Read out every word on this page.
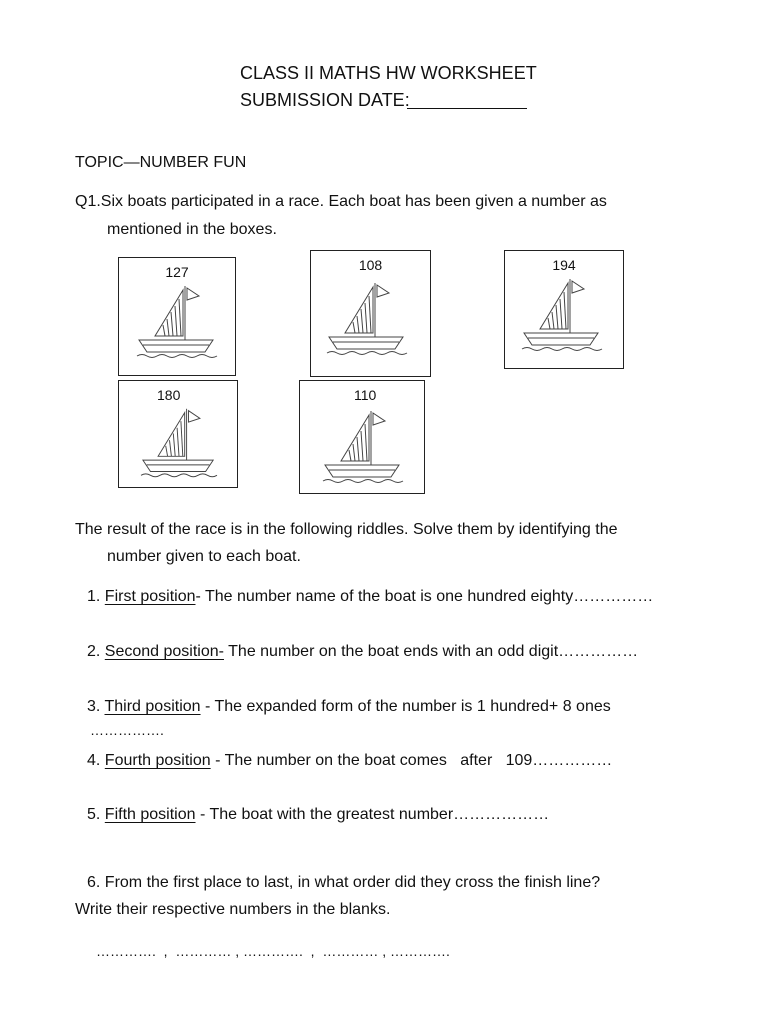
CLASS II MATHS HW WORKSHEET
SUBMISSION DATE:
TOPIC—NUMBER FUN
Q1.Six boats participated in a race. Each boat has been given a number as
mentioned in the boxes.
127	108	194
180	110
The result of the race is in the following riddles. Solve them by identifying the
number given to each boat.
1. First position- The number name of the boat is one hundred eighty……………
2. Second position- The number on the boat ends with an odd digit……………
3. Third position - The expanded form of the number is 1 hundred+ 8 ones
…………….
4. Fourth position - The number on the boat comes   after   109……………
5. Fifth position - The boat with the greatest number………………
6. From the first place to last, in what order did they cross the finish line?
Write their respective numbers in the blanks.
………….  ,  ………… , ………….  ,  ………… , ………….
